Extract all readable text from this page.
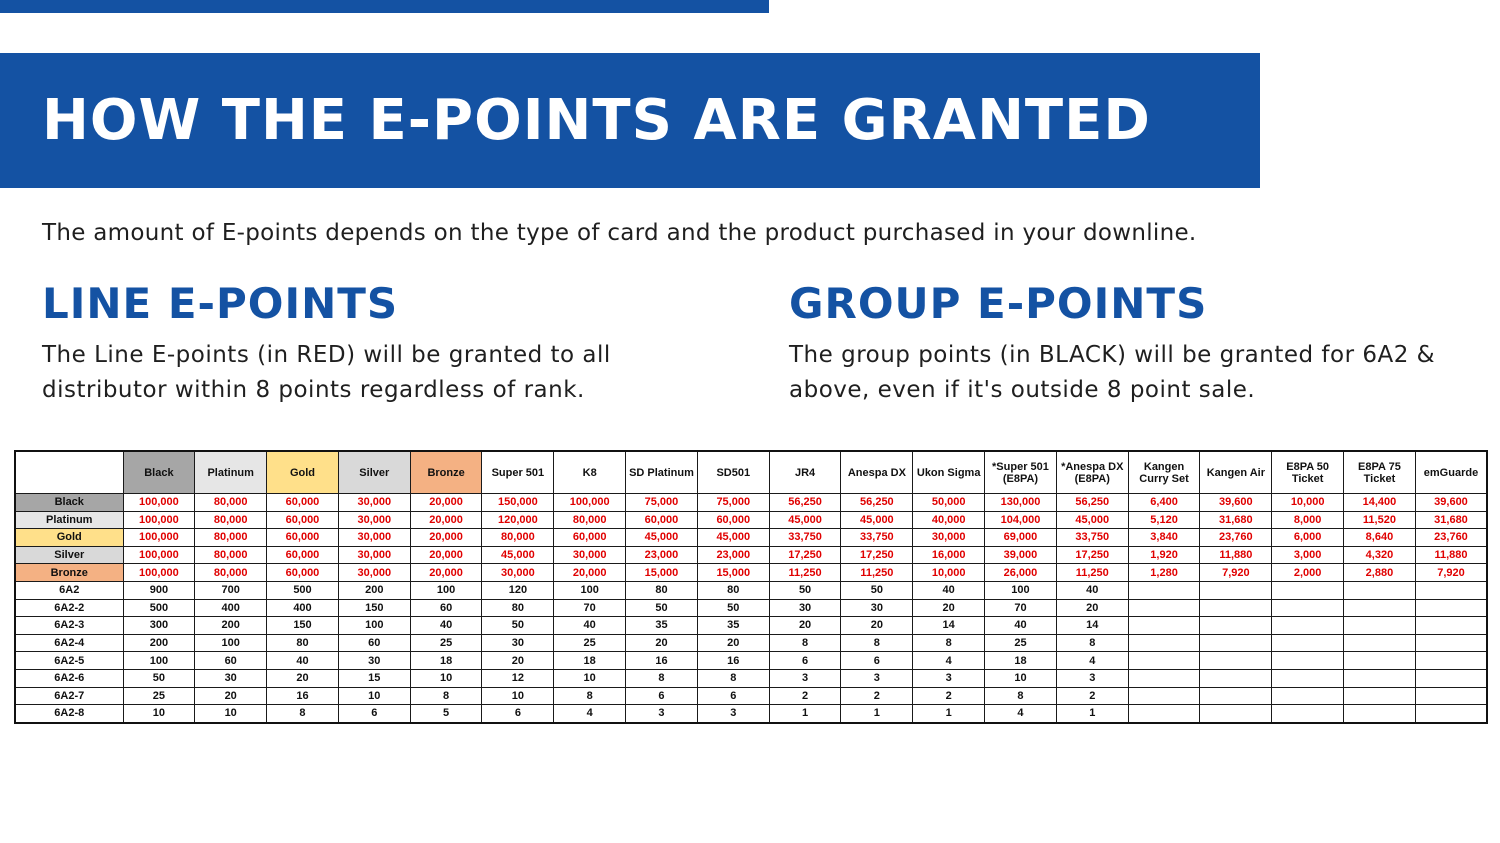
HOW THE E-POINTS ARE GRANTED

The amount of E-points depends on the type of card and the product purchased in your downline.

LINE E-POINTS

The Line E-points (in RED) will be granted to all distributor within 8 points regardless of rank.

GROUP E-POINTS

The group points (in BLACK) will be granted for 6A2 & above, even if it's outside 8 point sale.

	Black	Platinum	Gold	Silver	Bronze	Super 501	K8	SD Platinum	SD501	JR4	Anespa DX	Ukon Sigma	*Super 501 (E8PA)	*Anespa DX (E8PA)	Kangen Curry Set	Kangen Air	E8PA 50 Ticket	E8PA 75 Ticket	emGuarde
Black	100,000	80,000	60,000	30,000	20,000	150,000	100,000	75,000	75,000	56,250	56,250	50,000	130,000	56,250	6,400	39,600	10,000	14,400	39,600
Platinum	100,000	80,000	60,000	30,000	20,000	120,000	80,000	60,000	60,000	45,000	45,000	40,000	104,000	45,000	5,120	31,680	8,000	11,520	31,680
Gold	100,000	80,000	60,000	30,000	20,000	80,000	60,000	45,000	45,000	33,750	33,750	30,000	69,000	33,750	3,840	23,760	6,000	8,640	23,760
Silver	100,000	80,000	60,000	30,000	20,000	45,000	30,000	23,000	23,000	17,250	17,250	16,000	39,000	17,250	1,920	11,880	3,000	4,320	11,880
Bronze	100,000	80,000	60,000	30,000	20,000	30,000	20,000	15,000	15,000	11,250	11,250	10,000	26,000	11,250	1,280	7,920	2,000	2,880	7,920
6A2	900	700	500	200	100	120	100	80	80	50	50	40	100	40					
6A2-2	500	400	400	150	60	80	70	50	50	30	30	20	70	20					
6A2-3	300	200	150	100	40	50	40	35	35	20	20	14	40	14					
6A2-4	200	100	80	60	25	30	25	20	20	8	8	8	25	8					
6A2-5	100	60	40	30	18	20	18	16	16	6	6	4	18	4					
6A2-6	50	30	20	15	10	12	10	8	8	3	3	3	10	3					
6A2-7	25	20	16	10	8	10	8	6	6	2	2	2	8	2					
6A2-8	10	10	8	6	5	6	4	3	3	1	1	1	4	1					
